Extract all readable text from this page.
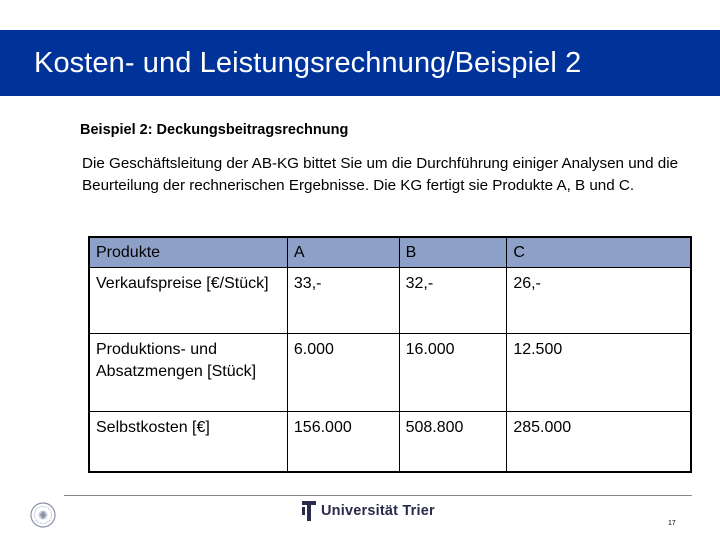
Kosten- und Leistungsrechnung/Beispiel 2
Beispiel 2: Deckungsbeitragsrechnung

Die Geschäftsleitung der AB-KG bittet Sie um die Durchführung einiger Analysen und die Beurteilung der rechnerischen Ergebnisse. Die KG fertigt sie Produkte A, B und C.

Produkte	A	B	C
Verkaufspreise [€/Stück]	33,-	32,-	26,-
Produktions- und Absatzmengen [Stück]	6.000	16.000	12.500
Selbstkosten [€]	156.000	508.800	285.000
Universität Trier
17
